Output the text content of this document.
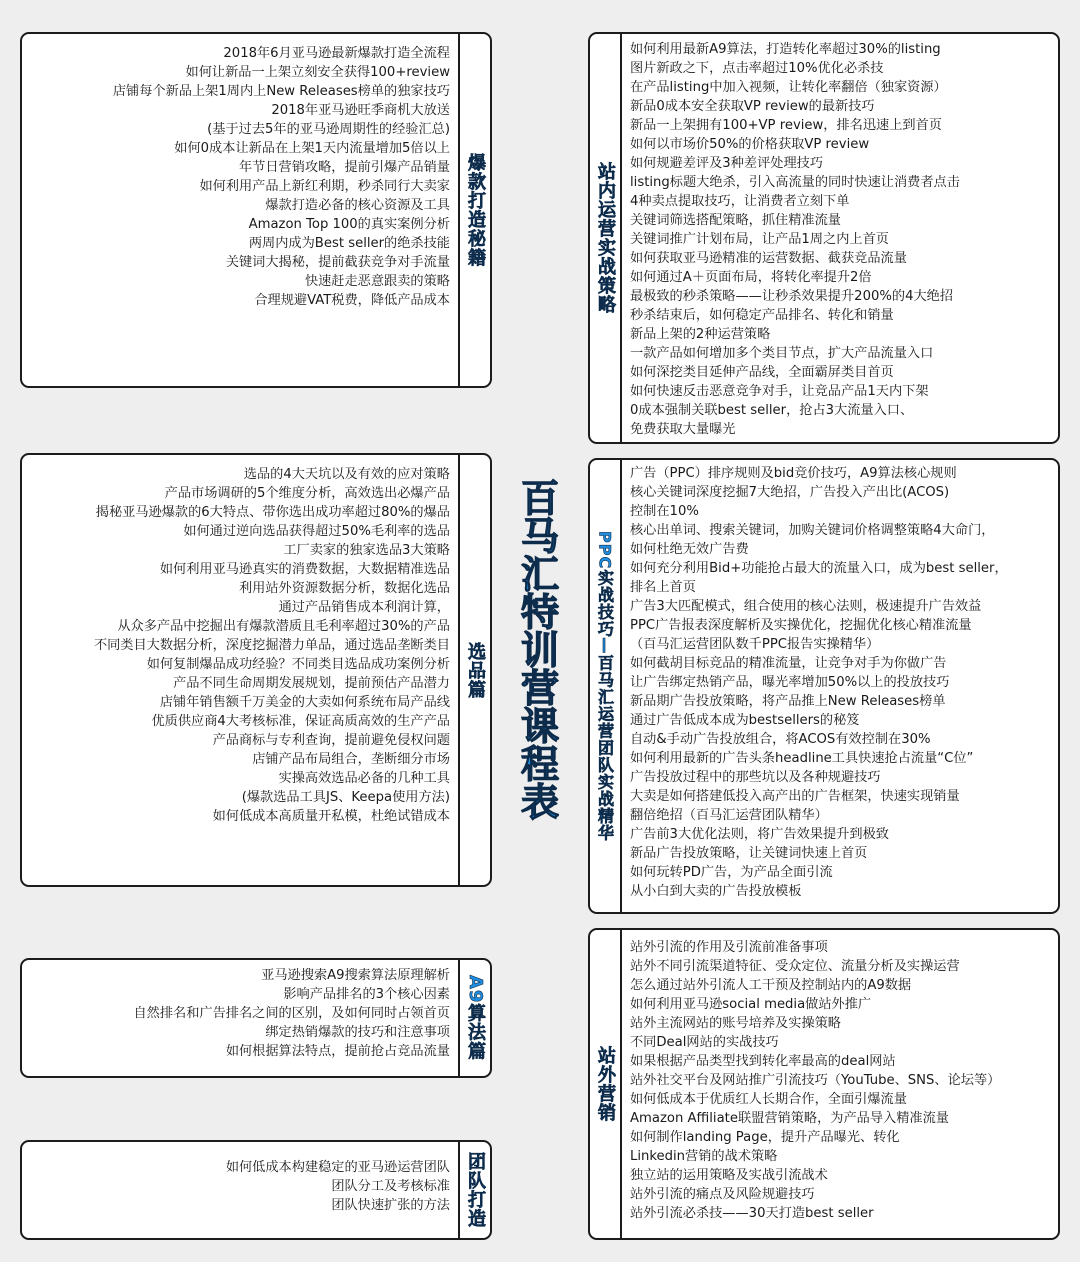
百马汇特训营课程表
2018年6月亚马逊最新爆款打造全流程
如何让新品一上架立刻安全获得100+review
店铺每个新品上架1周内上New Releases榜单的独家技巧
2018年亚马逊旺季商机大放送
(基于过去5年的亚马逊周期性的经验汇总)
如何0成本让新品在上架1天内流量增加5倍以上
年节日营销攻略，提前引爆产品销量
如何利用产品上新红利期，秒杀同行大卖家
爆款打造必备的核心资源及工具
Amazon Top 100的真实案例分析
两周内成为Best seller的绝杀技能
关键词大揭秘，提前截获竞争对手流量
快速赶走恶意跟卖的策略
合理规避VAT税费，降低产品成本
爆款打造秘籍
选品的4大天坑以及有效的应对策略
产品市场调研的5个维度分析，高效选出必爆产品
揭秘亚马逊爆款的6大特点、带你选出成功率超过80%的爆品
如何通过逆向选品获得超过50%毛利率的选品
工厂卖家的独家选品3大策略
如何利用亚马逊真实的消费数据，大数据精准选品
利用站外资源数据分析，数据化选品
通过产品销售成本利润计算，
从众多产品中挖掘出有爆款潜质且毛利率超过30%的产品
不同类目大数据分析，深度挖掘潜力单品，通过选品垄断类目
如何复制爆品成功经验？不同类目选品成功案例分析
产品不同生命周期发展规划，提前预估产品潜力
店铺年销售额千万美金的大卖如何系统布局产品线
优质供应商4大考核标准，保证高质高效的生产产品
产品商标与专利查询，提前避免侵权问题
店铺产品布局组合，垄断细分市场
实操高效选品必备的几种工具
(爆款选品工具JS、Keepa使用方法)
如何低成本高质量开私模，杜绝试错成本
选品篇
亚马逊搜索A9搜索算法原理解析
影响产品排名的3个核心因素
自然排名和广告排名之间的区别，及如何同时占领首页
绑定热销爆款的技巧和注意事项
如何根据算法特点，提前抢占竞品流量 A9算法篇
如何低成本构建稳定的亚马逊运营团队
团队分工及考核标准
团队快速扩张的方法 团队打造
站内运营实战策略
如何利用最新A9算法，打造转化率超过30%的listing
图片新政之下，点击率超过10%优化必杀技
在产品listing中加入视频，让转化率翻倍（独家资源）
新品0成本安全获取VP review的最新技巧
新品一上架拥有100+VP review，排名迅速上到首页
如何以市场价50%的价格获取VP review
如何规避差评及3种差评处理技巧
listing标题大绝杀，引入高流量的同时快速让消费者点击
4种卖点提取技巧，让消费者立刻下单
关键词筛选搭配策略，抓住精准流量
关键词推广计划布局，让产品1周之内上首页
如何获取亚马逊精准的运营数据、截获竞品流量
如何通过A＋页面布局，将转化率提升2倍
最极致的秒杀策略——让秒杀效果提升200%的4大绝招
秒杀结束后，如何稳定产品排名、转化和销量
新品上架的2种运营策略
一款产品如何增加多个类目节点，扩大产品流量入口
如何深挖类目延伸产品线，全面霸屏类目首页
如何快速反击恶意竞争对手，让竞品产品1天内下架
0成本强制关联best seller，抢占3大流量入口、
免费获取大量曝光
PPC实战技巧—百马汇运营团队实战精华
广告（PPC）排序规则及bid竞价技巧，A9算法核心规则
核心关键词深度挖掘7大绝招，广告投入产出比(ACOS)
控制在10%
核心出单词、搜索关键词，加购关键词价格调整策略4大命门，
如何杜绝无效广告费
如何充分利用Bid+功能抢占最大的流量入口，成为best seller，
排名上首页
广告3大匹配模式，组合使用的核心法则，极速提升广告效益
PPC广告报表深度解析及实操优化，挖掘优化核心精准流量
（百马汇运营团队数千PPC报告实操精华）
如何截胡目标竞品的精准流量，让竞争对手为你做广告
让广告绑定热销产品，曝光率增加50%以上的投放技巧
新品期广告投放策略，将产品推上New Releases榜单
通过广告低成本成为bestsellers的秘笈
自动&手动广告投放组合，将ACOS有效控制在30%
如何利用最新的广告头条headline工具快速抢占流量“C位”
广告投放过程中的那些坑以及各种规避技巧
大卖是如何搭建低投入高产出的广告框架，快速实现销量
翻倍绝招（百马汇运营团队精华）
广告前3大优化法则，将广告效果提升到极致
新品广告投放策略，让关键词快速上首页
如何玩转PD广告，为产品全面引流
从小白到大卖的广告投放模板
站外营销
站外引流的作用及引流前准备事项
站外不同引流渠道特征、受众定位、流量分析及实操运营
怎么通过站外引流人工干预及控制站内的A9数据
如何利用亚马逊social media做站外推广
站外主流网站的账号培养及实操策略
不同Deal网站的实战技巧
如果根据产品类型找到转化率最高的deal网站
站外社交平台及网站推广引流技巧（YouTube、SNS、论坛等）
如何低成本于优质红人长期合作，全面引爆流量
Amazon Affiliate联盟营销策略，为产品导入精准流量
如何制作landing Page，提升产品曝光、转化
Linkedin营销的战术策略
独立站的运用策略及实战引流战术
站外引流的痛点及风险规避技巧
站外引流必杀技——30天打造best seller
